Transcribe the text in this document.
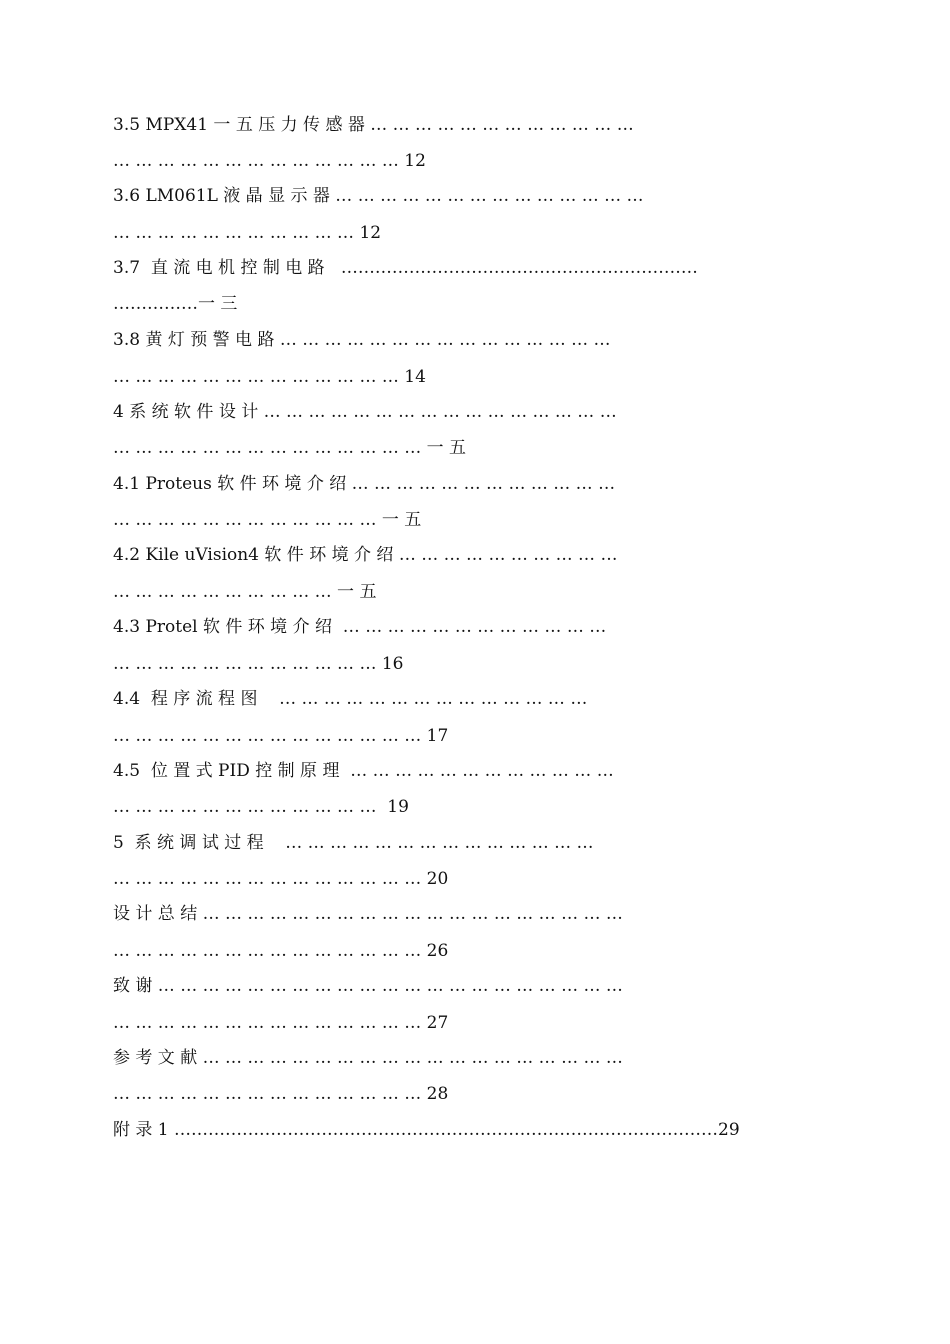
3.5 MPX41 一 五 压 力 传 感 器 … … … … … … … … … … … …
… … … … … … … … … … … … … 12
3.6 LM061L 液 晶 显 示 器 … … … … … … … … … … … … … …
… … … … … … … … … … … 12
3.7  直 流 电 机 控 制 电 路   ………………………………………………………
……………一 三
3.8 黄 灯 预 警 电 路 … … … … … … … … … … … … … … …
… … … … … … … … … … … … … 14
4 系 统 软 件 设 计 … … … … … … … … … … … … … … … …
… … … … … … … … … … … … … … 一 五
4.1 Proteus 软 件 环 境 介 绍 … … … … … … … … … … … …
… … … … … … … … … … … … 一 五
4.2 Kile uVision4 软 件 环 境 介 绍 … … … … … … … … … …
… … … … … … … … … … 一 五
4.3 Protel 软 件 环 境 介 绍  … … … … … … … … … … … …
… … … … … … … … … … … … 16
4.4  程 序 流 程 图    … … … … … … … … … … … … … …
… … … … … … … … … … … … … … 17
4.5  位 置 式 PID 控 制 原 理  … … … … … … … … … … … …
… … … … … … … … … … … …  19
5  系 统 调 试 过 程    … … … … … … … … … … … … … …
… … … … … … … … … … … … … … 20
设 计 总 结 … … … … … … … … … … … … … … … … … … …
… … … … … … … … … … … … … … 26
致 谢 … … … … … … … … … … … … … … … … … … … … …
… … … … … … … … … … … … … … 27
参 考 文 献 … … … … … … … … … … … … … … … … … … …
… … … … … … … … … … … … … … 28
附 录 1 ……………………………………………………………………………………29
